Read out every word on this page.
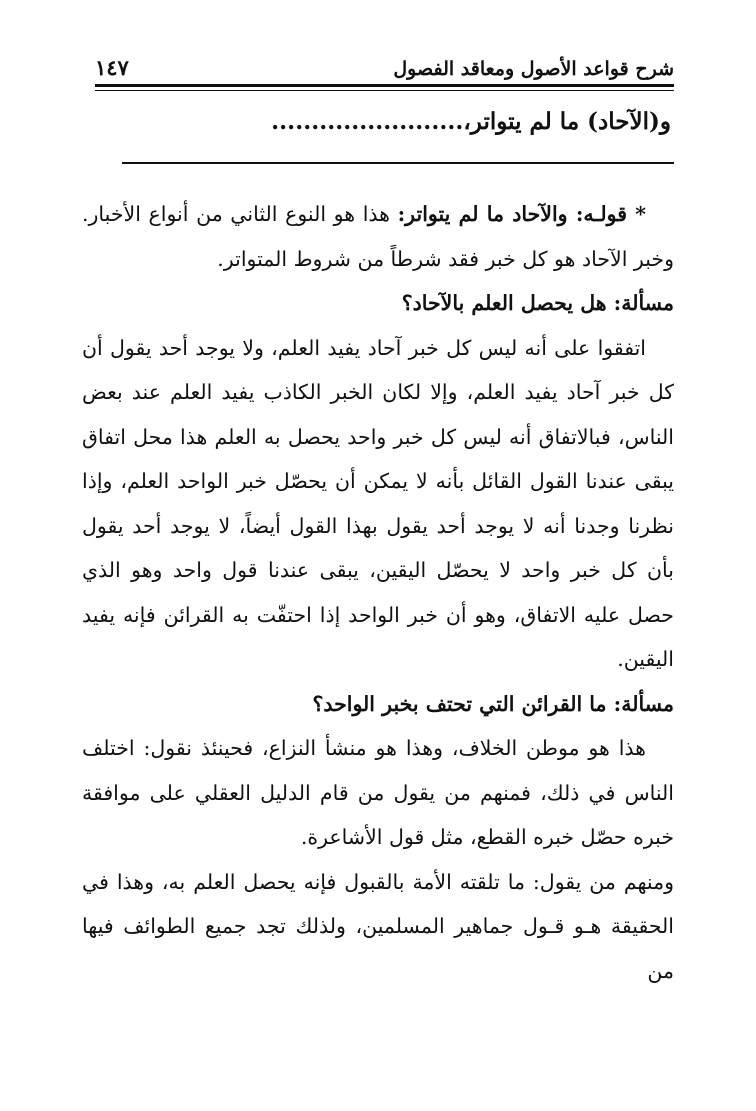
شرح قواعد الأصول ومعاقد الفصول
١٤٧
و(الآحاد) ما لم يتواتر،........................

* قولـه: والآحاد ما لم يتواتر: هذا هو النوع الثاني من أنواع الأخبار. وخبر الآحاد هو كل خبر فقد شرطاً من شروط المتواتر.

مسألة: هل يحصل العلم بالآحاد؟

اتفقوا على أنه ليس كل خبر آحاد يفيد العلم، ولا يوجد أحد يقول أن كل خبر آحاد يفيد العلم، وإلا لكان الخبر الكاذب يفيد العلم عند بعض الناس، فبالاتفاق أنه ليس كل خبر واحد يحصل به العلم هذا محل اتفاق يبقى عندنا القول القائل بأنه لا يمكن أن يحصّل خبر الواحد العلم، وإذا نظرنا وجدنا أنه لا يوجد أحد يقول بهذا القول أيضاً، لا يوجد أحد يقول بأن كل خبر واحد لا يحصّل اليقين، يبقى عندنا قول واحد وهو الذي حصل عليه الاتفاق، وهو أن خبر الواحد إذا احتفّت به القرائن فإنه يفيد اليقين.

مسألة: ما القرائن التي تحتف بخبر الواحد؟

هذا هو موطن الخلاف، وهذا هو منشأ النزاع، فحينئذ نقول: اختلف الناس في ذلك، فمنهم من يقول من قام الدليل العقلي على موافقة خبره حصّل خبره القطع، مثل قول الأشاعرة.

ومنهم من يقول: ما تلقته الأمة بالقبول فإنه يحصل العلم به، وهذا في الحقيقة هـو قـول جماهير المسلمين، ولذلك تجد جميع الطوائف فيها من
